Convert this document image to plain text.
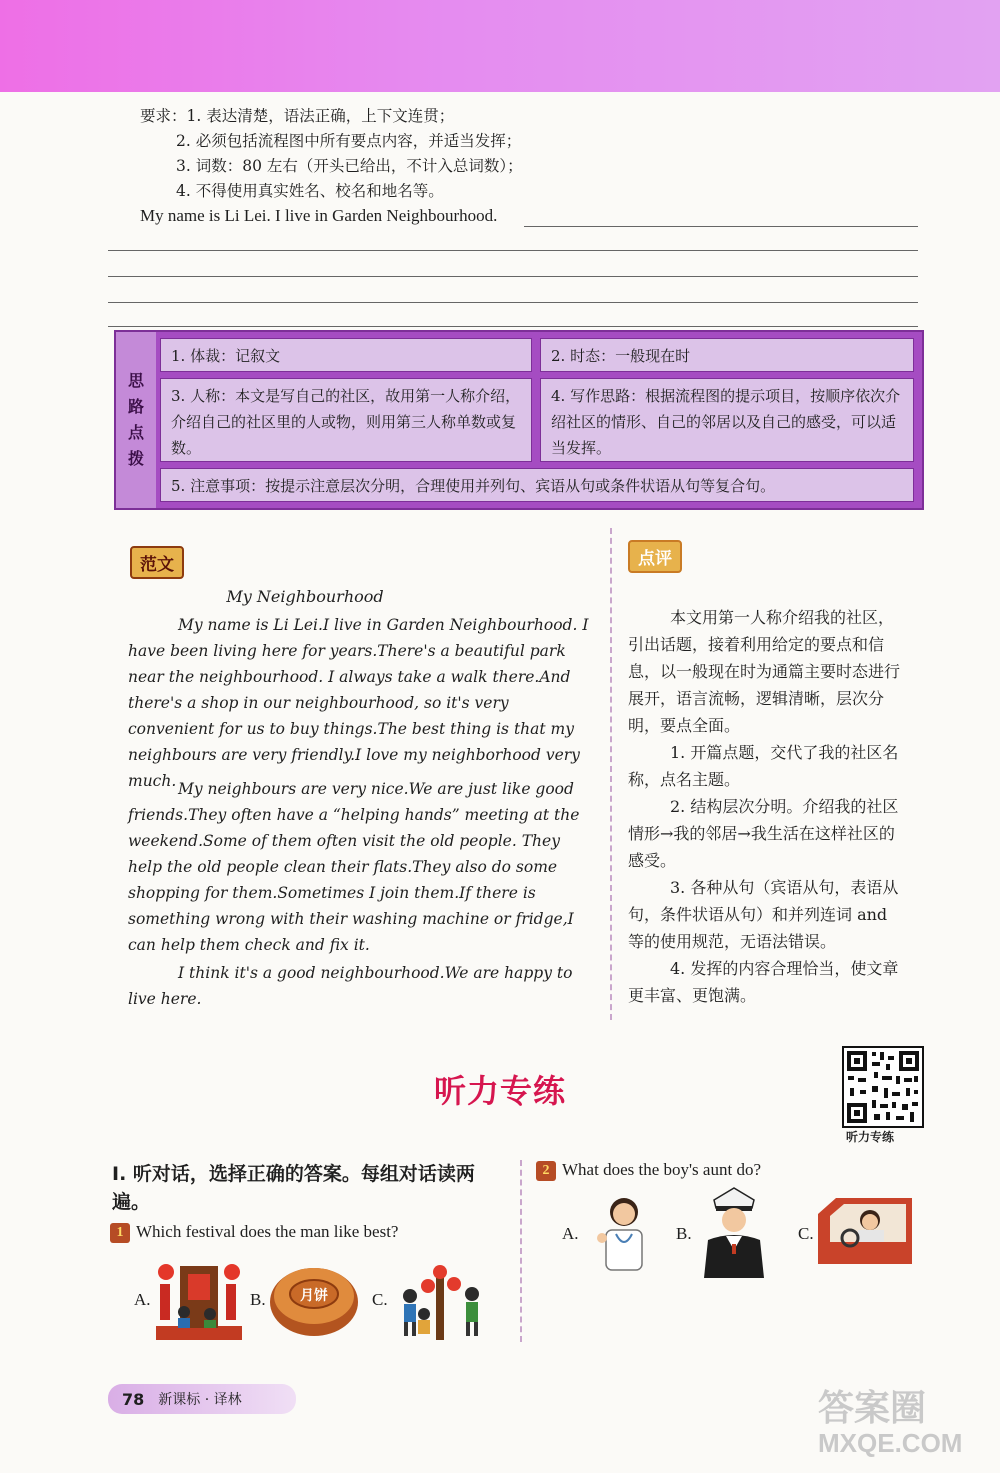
要求：1. 表达清楚，语法正确，上下文连贯；
2. 必须包括流程图中所有要点内容，并适当发挥；
3. 词数：80 左右（开头已给出，不计入总词数）；
4. 不得使用真实姓名、校名和地名等。
My name is Li Lei. I live in Garden Neighbourhood.
思
路
点
拨
1. 体裁：记叙文	2. 时态：一般现在时
3. 人称：本文是写自己的社区，故用第一人称介绍，介绍自己的社区里的人或物，则用第三人称单数或复数。
4. 写作思路：根据流程图的提示项目，按顺序依次介绍社区的情形、自己的邻居以及自己的感受，可以适当发挥。
5. 注意事项：按提示注意层次分明，合理使用并列句、宾语从句或条件状语从句等复合句。
范文
My Neighbourhood
My name is Li Lei.I live in Garden Neighbourhood. I have been living here for years.There's a beautiful park near the neighbourhood. I always take a walk there.And there's a shop in our neighbourhood, so it's very convenient for us to buy things.The best thing is that my neighbours are very friendly.I love my neighborhood very much. My neighbours are very nice.We are just like good friends.They often have a “helping hands” meeting at the weekend.Some of them often visit the old people. They help the old people clean their flats.They also do some shopping for them.Sometimes I join them.If there is something wrong with their washing machine or fridge,I can help them check and fix it.
I think it's a good neighbourhood.We are happy to live here.
点评
本文用第一人称介绍我的社区，引出话题，接着利用给定的要点和信息，以一般现在时为通篇主要时态进行展开，语言流畅，逻辑清晰，层次分明，要点全面。
1. 开篇点题，交代了我的社区名称，点名主题。
2. 结构层次分明。介绍我的社区情形→我的邻居→我生活在这样社区的感受。
3. 各种从句（宾语从句，表语从句，条件状语从句）和并列连词 and 等的使用规范，无语法错误。
4. 发挥的内容合理恰当，使文章更丰富、更饱满。
听力专练
听力专练
Ⅰ. 听对话，选择正确的答案。每组对话读两遍。
1 Which festival does the man like best?
A.	B. 月饼	C.
2 What does the boy's aunt do?
A.	B.	C.
78 新课标 · 译林	答案圈
MXQE.COM
